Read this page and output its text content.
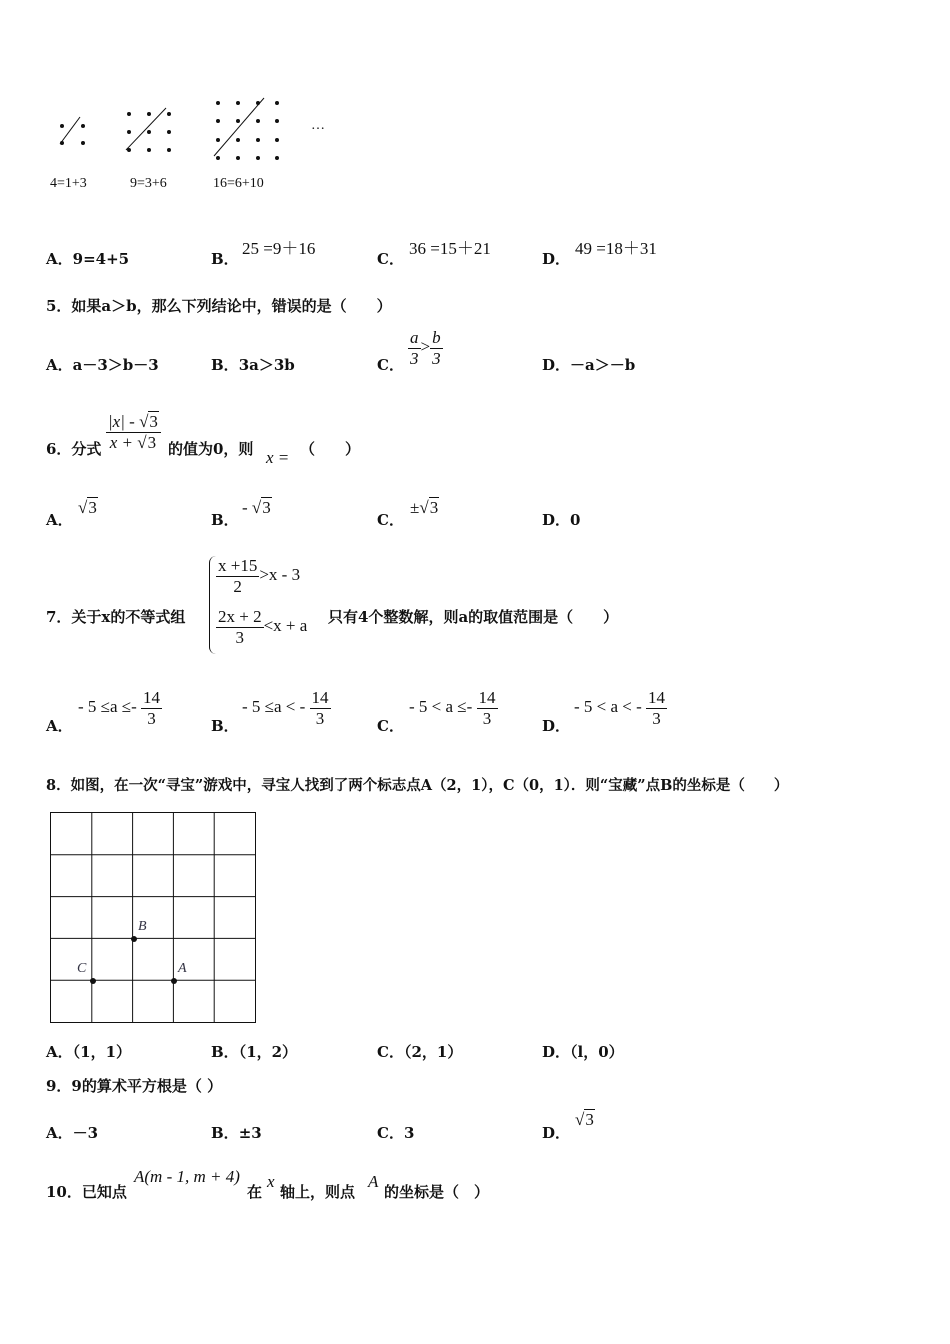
…
4=1+3	9=3+6	16=6+10
A．9=4+5	B．
25 =9＋16
C．
36 =15＋21
D．
49 =18＋31
5．如果a＞b，那么下列结论中，错误的是（　　）
A．a－3＞b－3	B．3a＞3b	C． $\frac{a}{3} > \frac{b}{3}$	D．－a＞－b
6．分式 $\frac{|x| - √3}{x + √3}$ 的值为0，则 x = （　　）
A．
√3
B．
- √3
C．
±√3
D．0
7．关于x的不等式组
$\frac{x +15}{2} >x - 3$
$\frac{2x + 2}{3} <x + a$ 只有4个整数解，则a的取值范围是（　　）
A．
- $5 \le a \le- \frac{14}{3}$	B．
- 5 ≤a < - $\frac{14}{3}$	C．
- $5 < a \le- \frac{14}{3}$	D．
- 5 < a < - $\frac{14}{3}$
8．如图，在一次“寻宝”游戏中，寻宝人找到了两个标志点A（2，1），C（0，1）．则“宝藏”点B的坐标是（　　）
B
C	A
A．（1，1）	B．（1，2）	C．（2，1）	D．（l，0）
9．9的算术平方根是（ ）
A．－3	B．±3	C．3	D．
√3
10．已知点
A(m - 1, m + 4)
在
x
轴上，则点
A
的坐标是（　）
